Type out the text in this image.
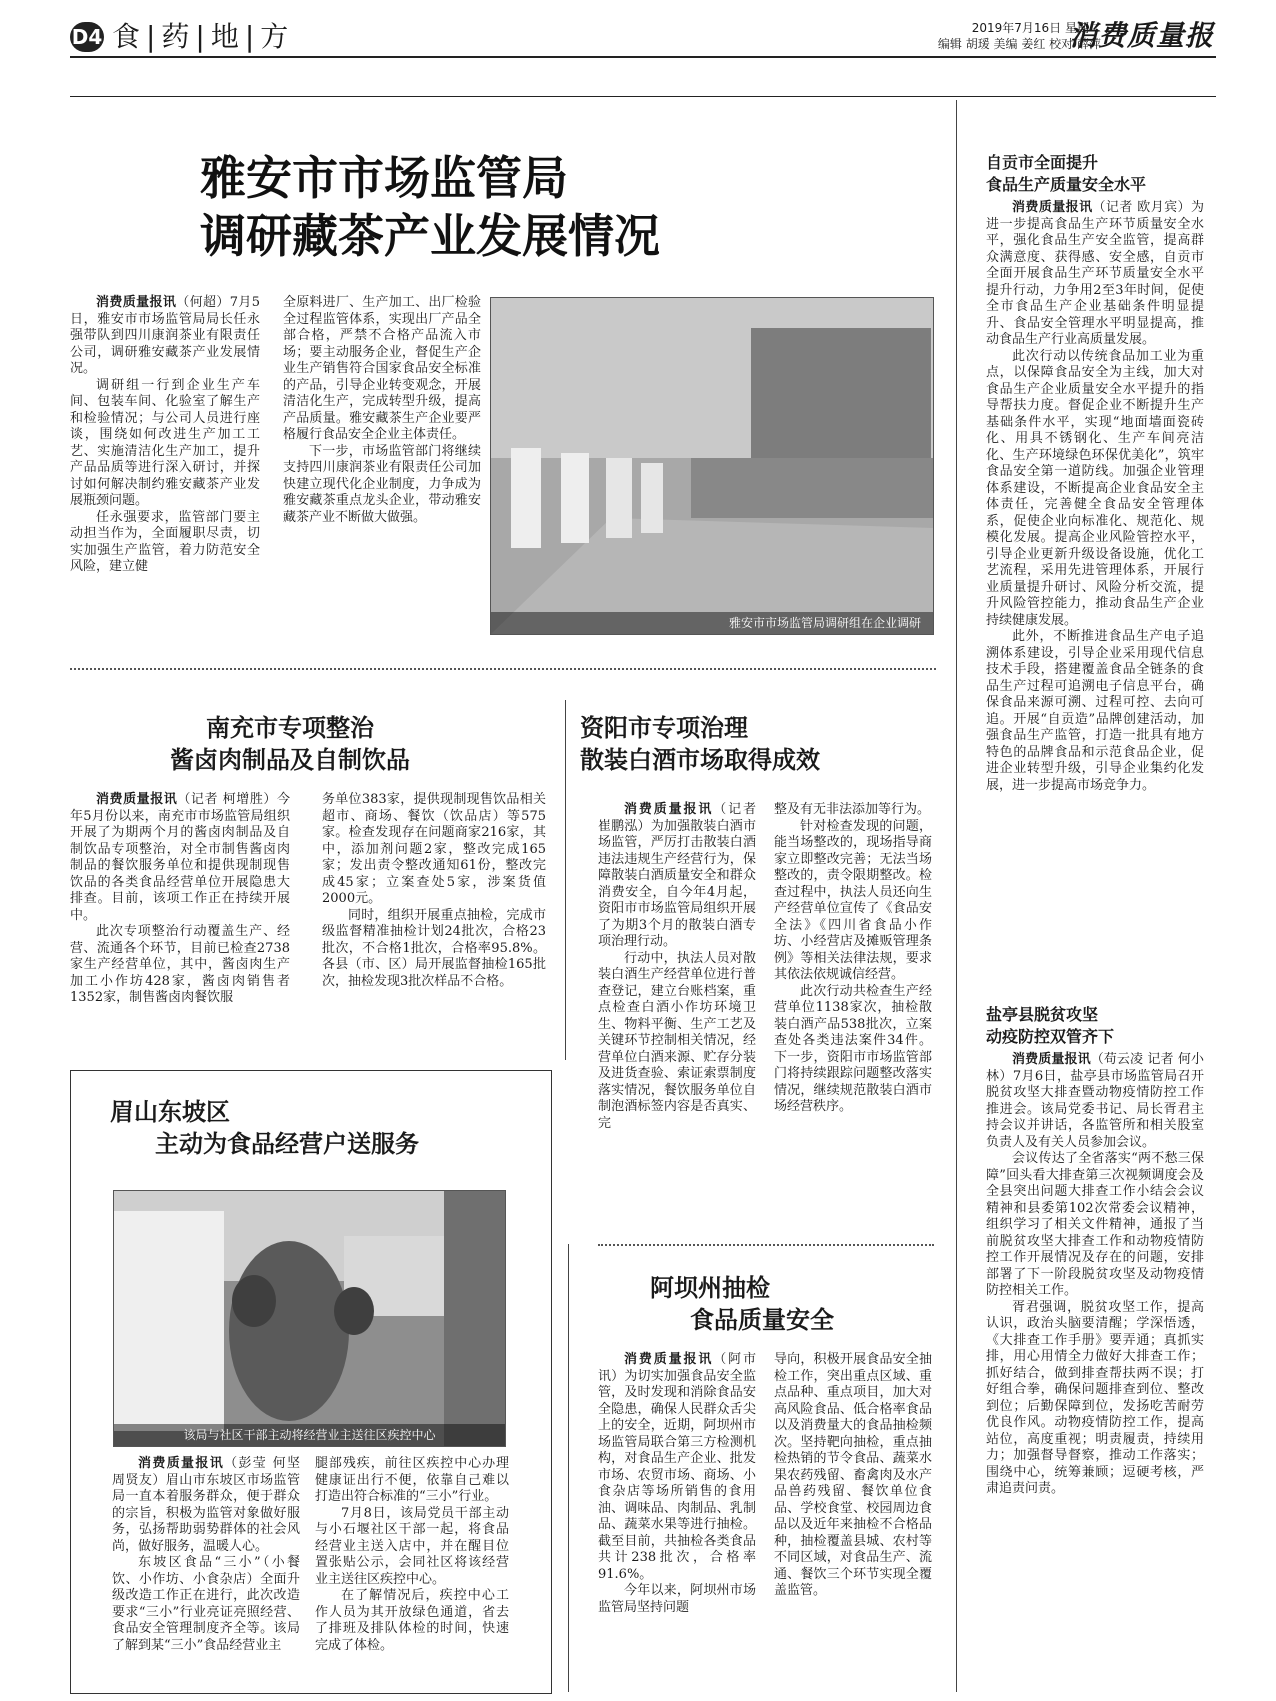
D4 食|药|地|方	2019年7月16日 星期二
编辑 胡瑗 美编 姜红 校对 薛萍
消费质量报
雅安市市场监管局
调研藏茶产业发展情况

消费质量报讯（何超）7月5日，雅安市市场监管局局长任永强带队到四川康润茶业有限责任公司，调研雅安藏茶产业发展情况。

调研组一行到企业生产车间、包装车间、化验室了解生产和检验情况；与公司人员进行座谈，围绕如何改进生产加工工艺、实施清洁化生产加工，提升产品品质等进行深入研讨，并探讨如何解决制约雅安藏茶产业发展瓶颈问题。

任永强要求，监管部门要主动担当作为，全面履职尽责，切实加强生产监管，着力防范安全风险，建立健

全原料进厂、生产加工、出厂检验全过程监管体系，实现出厂产品全部合格，严禁不合格产品流入市场；要主动服务企业，督促生产企业生产销售符合国家食品安全标准的产品，引导企业转变观念，开展清洁化生产，完成转型升级，提高产品质量。雅安藏茶生产企业要严格履行食品安全企业主体责任。

下一步，市场监管部门将继续支持四川康润茶业有限责任公司加快建立现代化企业制度，力争成为雅安藏茶重点龙头企业，带动雅安藏茶产业不断做大做强。

雅安市市场监管局调研组在企业调研
南充市专项整治
酱卤肉制品及自制饮品

消费质量报讯（记者 柯增胜）今年5月份以来，南充市市场监管局组织开展了为期两个月的酱卤肉制品及自制饮品专项整治，对全市制售酱卤肉制品的餐饮服务单位和提供现制现售饮品的各类食品经营单位开展隐患大排查。目前，该项工作正在持续开展中。

此次专项整治行动覆盖生产、经营、流通各个环节，目前已检查2738家生产经营单位，其中，酱卤肉生产加工小作坊428家，酱卤肉销售者1352家，制售酱卤肉餐饮服

务单位383家，提供现制现售饮品相关超市、商场、餐饮（饮品店）等575家。检查发现存在问题商家216家，其中，添加剂问题2家，整改完成165家；发出责令整改通知61份，整改完成45家；立案查处5家，涉案货值2000元。

同时，组织开展重点抽检，完成市级监督精准抽检计划24批次，合格23批次，不合格1批次，合格率95.8%。各县（市、区）局开展监督抽检165批次，抽检发现3批次样品不合格。

眉山东坡区
主动为食品经营户送服务
该局与社区干部主动将经营业主送往区疾控中心

消费质量报讯（彭莹 何坚 周贤友）眉山市东坡区市场监管局一直本着服务群众，便于群众的宗旨，积极为监管对象做好服务，弘扬帮助弱势群体的社会风尚，做好服务，温暖人心。

东坡区食品“三小”（小餐饮、小作坊、小食杂店）全面升级改造工作正在进行，此次改造要求“三小”行业亮证亮照经营、食品安全管理制度齐全等。该局了解到某“三小”食品经营业主

腿部残疾，前往区疾控中心办理健康证出行不便，依靠自己难以打造出符合标准的“三小”行业。

7月8日，该局党员干部主动与小石堰社区干部一起，将食品经营业主送入店中，并在醒目位置张贴公示，会同社区将该经营业主送往区疾控中心。

在了解情况后，疾控中心工作人员为其开放绿色通道，省去了排班及排队体检的时间，快速完成了体检。

资阳市专项治理
散装白酒市场取得成效

消费质量报讯（记者 崔鹏泓）为加强散装白酒市场监管，严厉打击散装白酒违法违规生产经营行为，保障散装白酒质量安全和群众消费安全，自今年4月起，资阳市市场监管局组织开展了为期3个月的散装白酒专项治理行动。

行动中，执法人员对散装白酒生产经营单位进行普查登记，建立台账档案，重点检查白酒小作坊环境卫生、物料平衡、生产工艺及关键环节控制相关情况，经营单位白酒来源、贮存分装及进货查验、索证索票制度落实情况，餐饮服务单位自制泡酒标签内容是否真实、完

整及有无非法添加等行为。

针对检查发现的问题，能当场整改的，现场指导商家立即整改完善；无法当场整改的，责令限期整改。检查过程中，执法人员还向生产经营单位宣传了《食品安全法》《四川省食品小作坊、小经营店及摊贩管理条例》等相关法律法规，要求其依法依规诚信经营。

此次行动共检查生产经营单位1138家次，抽检散装白酒产品538批次，立案查处各类违法案件34件。下一步，资阳市市场监管部门将持续跟踪问题整改落实情况，继续规范散装白酒市场经营秩序。

阿坝州抽检
食品质量安全

消费质量报讯（阿市讯）为切实加强食品安全监管，及时发现和消除食品安全隐患，确保人民群众舌尖上的安全，近期，阿坝州市场监管局联合第三方检测机构，对食品生产企业、批发市场、农贸市场、商场、小食杂店等场所销售的食用油、调味品、肉制品、乳制品、蔬菜水果等进行抽检。截至目前，共抽检各类食品共计238批次，合格率91.6%。

今年以来，阿坝州市场监管局坚持问题

导向，积极开展食品安全抽检工作，突出重点区域、重点品种、重点项目，加大对高风险食品、低合格率食品以及消费量大的食品抽检频次。坚持靶向抽检，重点抽检热销的节令食品、蔬菜水果农药残留、畜禽肉及水产品兽药残留、餐饮单位食品、学校食堂、校园周边食品以及近年来抽检不合格品种，抽检覆盖县城、农村等不同区域，对食品生产、流通、餐饮三个环节实现全覆盖监管。

自贡市全面提升
食品生产质量安全水平

消费质量报讯（记者 欧月宾）为进一步提高食品生产环节质量安全水平，强化食品生产安全监管，提高群众满意度、获得感、安全感，自贡市全面开展食品生产环节质量安全水平提升行动，力争用2至3年时间，促使全市食品生产企业基础条件明显提升、食品安全管理水平明显提高，推动食品生产行业高质量发展。

此次行动以传统食品加工业为重点，以保障食品安全为主线，加大对食品生产企业质量安全水平提升的指导帮扶力度。督促企业不断提升生产基础条件水平，实现“地面墙面瓷砖化、用具不锈钢化、生产车间亮洁化、生产环境绿色环保优美化”，筑牢食品安全第一道防线。加强企业管理体系建设，不断提高企业食品安全主体责任，完善健全食品安全管理体系，促使企业向标准化、规范化、规模化发展。提高企业风险管控水平，引导企业更新升级设备设施，优化工艺流程，采用先进管理体系，开展行业质量提升研讨、风险分析交流，提升风险管控能力，推动食品生产企业持续健康发展。

此外，不断推进食品生产电子追溯体系建设，引导企业采用现代信息技术手段，搭建覆盖食品全链条的食品生产过程可追溯电子信息平台，确保食品来源可溯、过程可控、去向可追。开展“自贡造”品牌创建活动，加强食品生产监管，打造一批具有地方特色的品牌食品和示范食品企业，促进企业转型升级，引导企业集约化发展，进一步提高市场竞争力。

盐亭县脱贫攻坚
动疫防控双管齐下

消费质量报讯（苟云凌 记者 何小林）7月6日，盐亭县市场监管局召开脱贫攻坚大排查暨动物疫情防控工作推进会。该局党委书记、局长胥君主持会议并讲话，各监管所和相关股室负责人及有关人员参加会议。

会议传达了全省落实“两不愁三保障”回头看大排查第三次视频调度会及全县突出问题大排查工作小结会会议精神和县委第102次常委会议精神，组织学习了相关文件精神，通报了当前脱贫攻坚大排查工作和动物疫情防控工作开展情况及存在的问题，安排部署了下一阶段脱贫攻坚及动物疫情防控相关工作。

胥君强调，脱贫攻坚工作，提高认识，政治头脑要清醒；学深悟透，《大排查工作手册》要弄通；真抓实排，用心用情全力做好大排查工作；抓好结合，做到排查帮扶两不误；打好组合拳，确保问题排查到位、整改到位；后勤保障到位，发扬吃苦耐劳优良作风。动物疫情防控工作，提高站位，高度重视；明责履责，持续用力；加强督导督察，推动工作落实；围绕中心，统筹兼顾；逗硬考核，严肃追责问责。
